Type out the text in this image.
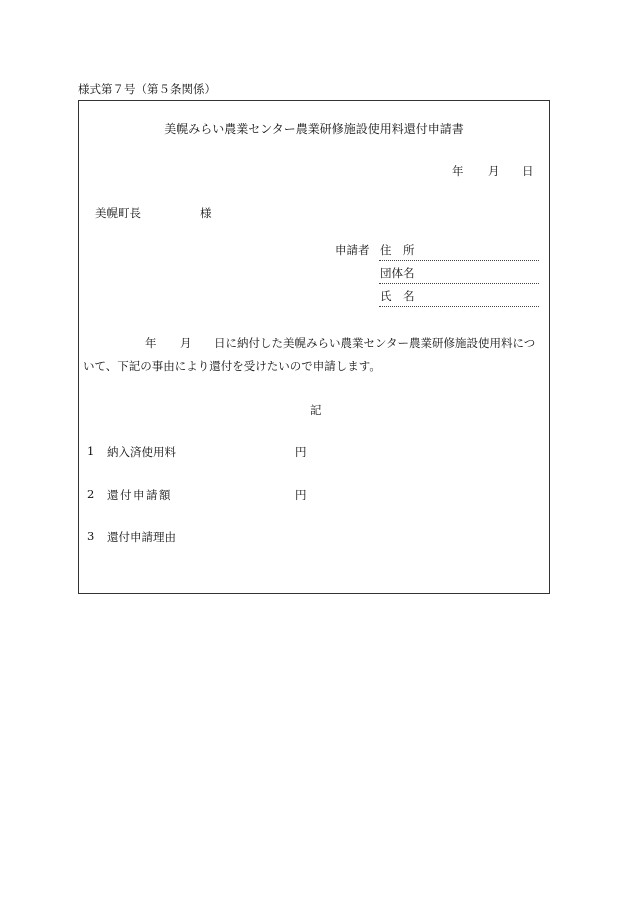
様式第７号（第５条関係）
美幌みらい農業センター農業研修施設使用料還付申請書
年 月 日
美幌町長	様
申請者 住　所
団体名
氏　名
年 月 日に納付した美幌みらい農業センター農業研修施設使用料につ
いて、下記の事由により還付を受けたいので申請します。
記
1 納入済使用料	円
2 還付申請額	円
3 還付申請理由
